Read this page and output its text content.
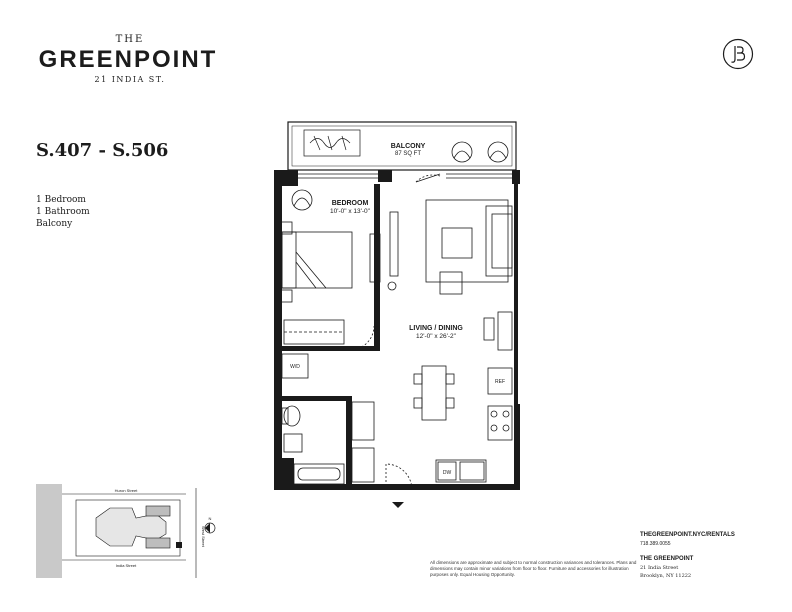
THE
GREENPOINT
21 INDIA ST.
S.407 - S.506
1 Bedroom
1 Bathroom
Balcony
BALCONY
87 SQ FT
BEDROOM
10'-0" x 13'-0"
LIVING / DINING
12'-0" x 26'-2"
W/D
REF
DW
Huron Street
India Street
West Street
N
All dimensions are approximate and subject to normal construction variances and tolerances. Plans and dimensions may contain minor variations from floor to floor. Furniture and accessories for illustration purposes only. Equal Housing Opportunity.
THEGREENPOINT.NYC/RENTALS
718.389.0055
THE GREENPOINT
21 India Street
Brooklyn, NY 11222
